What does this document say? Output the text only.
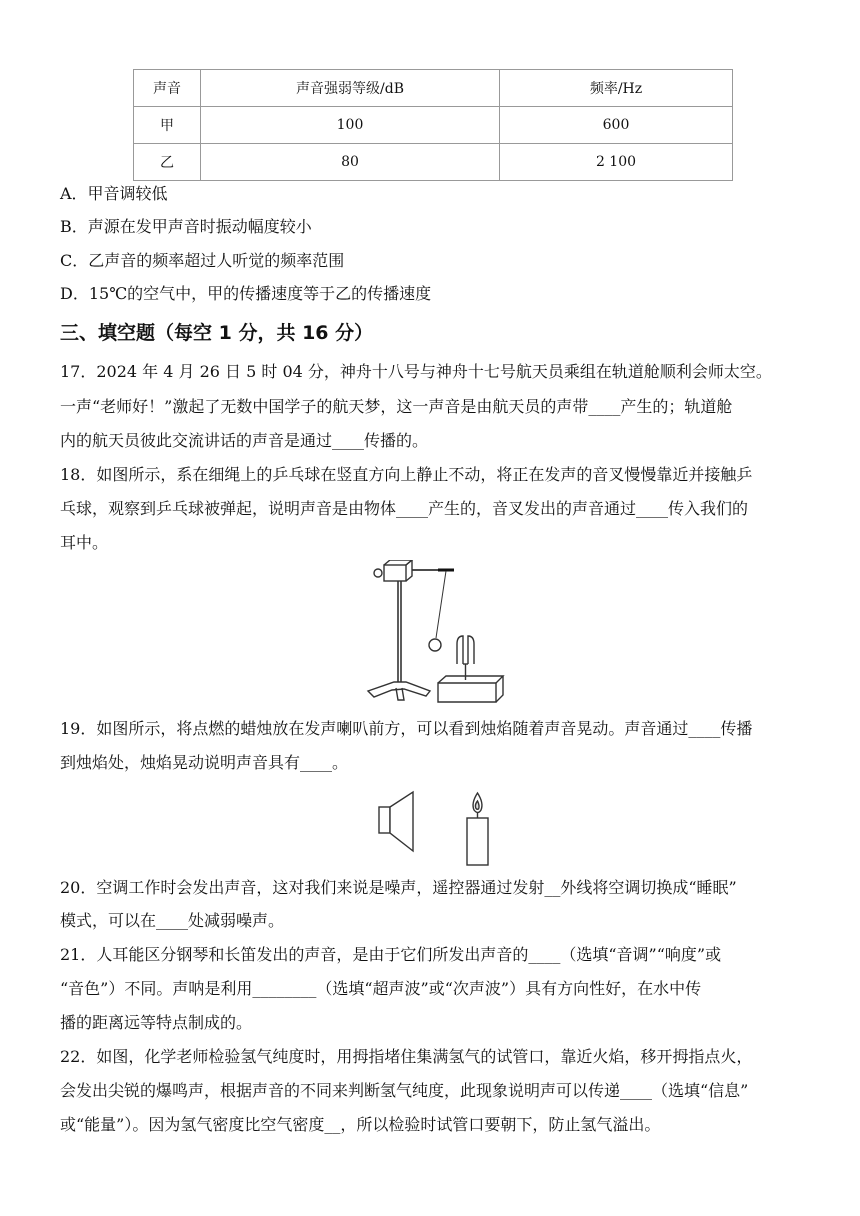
声音	声音强弱等级/dB	频率/Hz
甲	100	600
乙	80	2 100
A．甲音调较低
B．声源在发甲声音时振动幅度较小
C．乙声音的频率超过人听觉的频率范围
D．15℃的空气中，甲的传播速度等于乙的传播速度
三、填空题（每空 1 分，共 16 分）
17．2024 年 4 月 26 日 5 时 04 分，神舟十八号与神舟十七号航天员乘组在轨道舱顺利会师太空。
一声“老师好！”激起了无数中国学子的航天梦，这一声音是由航天员的声带____产生的；轨道舱
内的航天员彼此交流讲话的声音是通过____传播的。
18．如图所示，系在细绳上的乒乓球在竖直方向上静止不动，将正在发声的音叉慢慢靠近并接触乒
乓球，观察到乒乓球被弹起，说明声音是由物体____产生的，音叉发出的声音通过____传入我们的
耳中。
19．如图所示，将点燃的蜡烛放在发声喇叭前方，可以看到烛焰随着声音晃动。声音通过____传播
到烛焰处，烛焰晃动说明声音具有____。
20．空调工作时会发出声音，这对我们来说是噪声，遥控器通过发射__外线将空调切换成“睡眠”
模式，可以在____处减弱噪声。
21．人耳能区分钢琴和长笛发出的声音，是由于它们所发出声音的____（选填“音调”“响度”或
“音色”）不同。声呐是利用________（选填“超声波”或“次声波”）具有方向性好，在水中传
播的距离远等特点制成的。
22．如图，化学老师检验氢气纯度时，用拇指堵住集满氢气的试管口，靠近火焰，移开拇指点火，
会发出尖锐的爆鸣声，根据声音的不同来判断氢气纯度，此现象说明声可以传递____（选填“信息”
或“能量”）。因为氢气密度比空气密度__，所以检验时试管口要朝下，防止氢气溢出。
